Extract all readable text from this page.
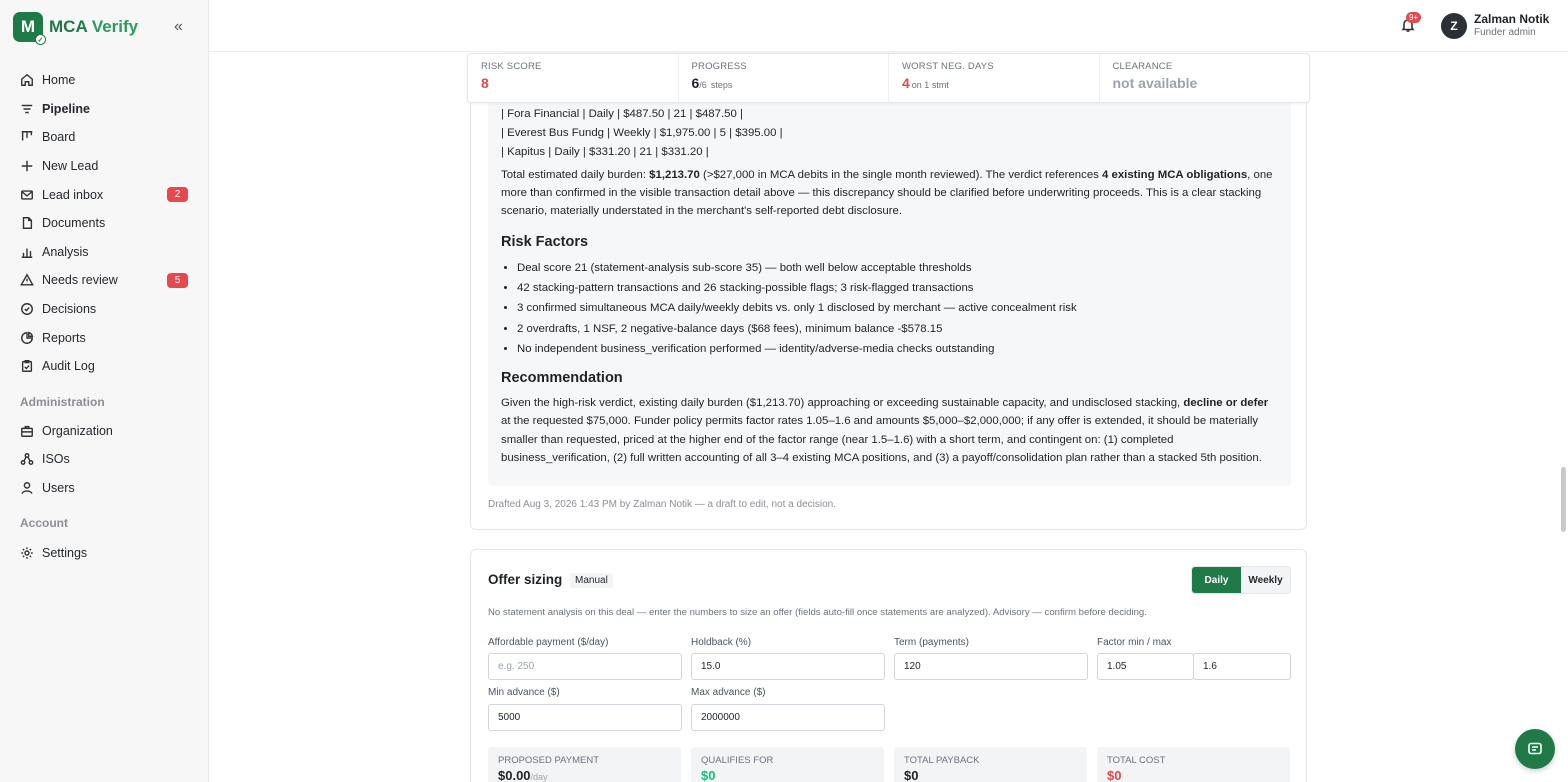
M
✓
MCA Verify «
Home
Pipeline
Board
New Lead
Lead inbox	2
Documents
Analysis
Needs review	5
Decisions
Reports
Audit Log
Administration
Organization
ISOs
Users
Account
Settings
9+
Z	Zalman Notik
Funder admin
| Fora Financial | Daily | $487.50 | 21 | $487.50 |
| Everest Bus Fundg | Weekly | $1,975.00 | 5 | $395.00 |
| Kapitus | Daily | $331.20 | 21 | $331.20 |

Total estimated daily burden: $1,213.70 (>$27,000 in MCA debits in the single month reviewed). The verdict references 4 existing MCA obligations, one more than confirmed in the visible transaction detail above — this discrepancy should be clarified before underwriting proceeds. This is a clear stacking scenario, materially understated in the merchant's self-reported debt disclosure.

Risk Factors
• Deal score 21 (statement-analysis sub-score 35) — both well below acceptable thresholds
• 42 stacking-pattern transactions and 26 stacking-possible flags; 3 risk-flagged transactions
• 3 confirmed simultaneous MCA daily/weekly debits vs. only 1 disclosed by merchant — active concealment risk
• 2 overdrafts, 1 NSF, 2 negative-balance days ($68 fees), minimum balance -$578.15
• No independent business_verification performed — identity/adverse-media checks outstanding
Recommendation

Given the high-risk verdict, existing daily burden ($1,213.70) approaching or exceeding sustainable capacity, and undisclosed stacking, decline or defer at the requested $75,000. Funder policy permits factor rates 1.05–1.6 and amounts $5,000–$2,000,000; if any offer is extended, it should be materially smaller than requested, priced at the higher end of the factor range (near 1.5–1.6) with a short term, and contingent on: (1) completed business_verification, (2) full written accounting of all 3–4 existing MCA positions, and (3) a payoff/consolidation plan rather than a stacked 5th position.

Drafted Aug 3, 2026 1:43 PM by Zalman Notik — a draft to edit, not a decision.
RISK SCORE
8
PROGRESS
6/6 steps
WORST NEG. DAYS
4 on 1 stmt
CLEARANCE
not available
Offer sizing	Manual	Daily	Weekly
No statement analysis on this deal — enter the numbers to size an offer (fields auto-fill once statements are analyzed). Advisory — confirm before deciding.
Affordable payment ($/day)
e.g. 250
Holdback (%)
15.0
Term (payments)
120
Factor min / max
1.05	1.6
Min advance ($)
5000
Max advance ($)
2000000
PROPOSED PAYMENT
$0.00/day
QUALIFIES FOR
$0
TOTAL PAYBACK
$0
TOTAL COST
$0
